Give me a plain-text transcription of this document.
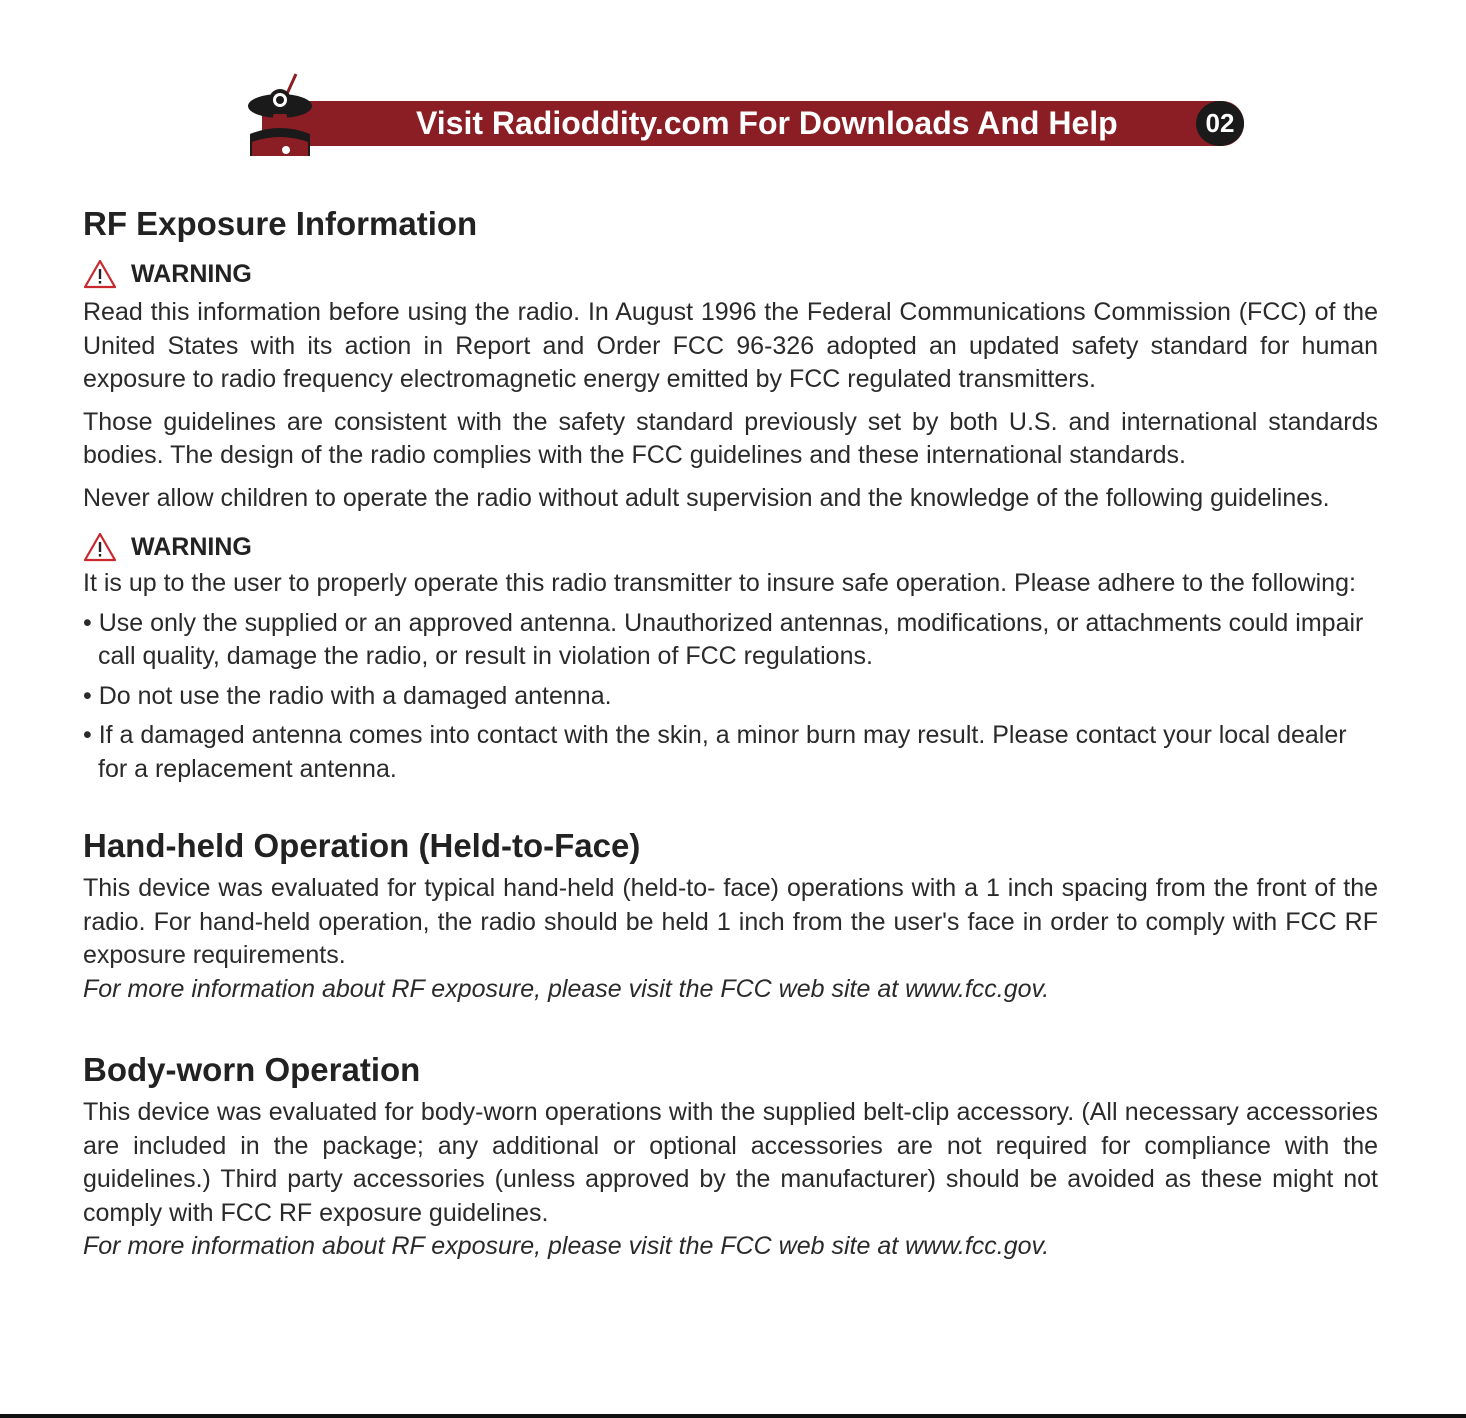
Visit Radioddity.com For Downloads And Help	02
RF Exposure Information
WARNING

Read this information before using the radio. In August 1996 the Federal Communications Commission (FCC) of the United States with its action in Report and Order FCC 96-326 adopted an updated safety standard for human exposure to radio frequency electromagnetic energy emitted by FCC regulated transmitters.

Those guidelines are consistent with the safety standard previously set by both U.S. and international standards bodies. The design of the radio complies with the FCC guidelines and these international standards.

Never allow children to operate the radio without adult supervision and the knowledge of the following guidelines.

WARNING

It is up to the user to properly operate this radio transmitter to insure safe operation. Please adhere to the following:

• Use only the supplied or an approved antenna. Unauthorized antennas, modifications, or attachments could impair call quality, damage the radio, or result in violation of FCC regulations.
• Do not use the radio with a damaged antenna.
• If a damaged antenna comes into contact with the skin, a minor burn may result. Please contact your local dealer for a replacement antenna.
Hand-held Operation (Held-to-Face)

This device was evaluated for typical hand-held (held-to- face) operations with a 1 inch spacing from the front of the radio. For hand-held operation, the radio should be held 1 inch from the user's face in order to comply with FCC RF exposure requirements.

For more information about RF exposure, please visit the FCC web site at www.fcc.gov.

Body-worn Operation

This device was evaluated for body-worn operations with the supplied belt-clip accessory. (All necessary accessories are included in the package; any additional or optional accessories are not required for compliance with the guidelines.) Third party accessories (unless approved by the manufacturer) should be avoided as these might not comply with FCC RF exposure guidelines.

For more information about RF exposure, please visit the FCC web site at www.fcc.gov.
